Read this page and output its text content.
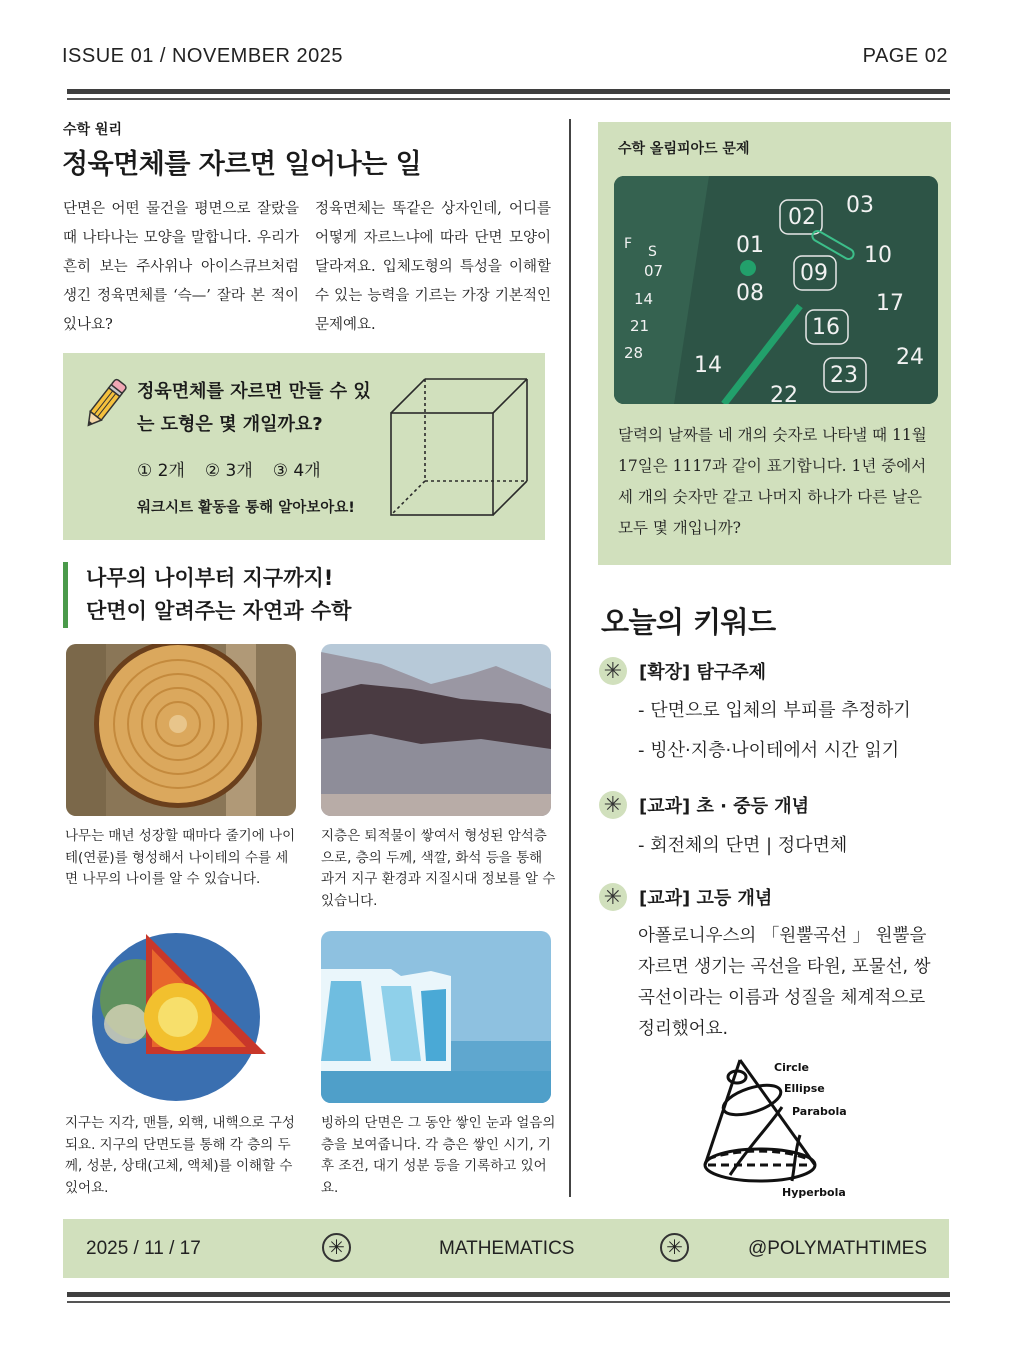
ISSUE 01 / NOVEMBER 2025	PAGE 02
수학 원리
정육면체를 자르면 일어나는 일

단면은 어떤 물건을 평면으로 잘랐을 때 나타나는 모양을 말합니다. 우리가 흔히 보는 주사위나 아이스큐브처럼 생긴 정육면체를 ‘슥—’ 잘라 본 적이 있나요?

정육면체는 똑같은 상자인데, 어디를 어떻게 자르느냐에 따라 단면 모양이 달라져요. 입체도형의 특성을 이해할 수 있는 능력을 기르는 가장 기본적인 문제예요.

정육면체를 자르면 만들 수 있는 도형은 몇 개일까요?
① 2개 ② 3개 ③ 4개
워크시트 활동을 통해 알아보아요!
나무의 나이부터 지구까지!
단면이 알려주는 자연과 수학

나무는 매년 성장할 때마다 줄기에 나이테(연륜)를 형성해서 나이테의 수를 세면 나무의 나이를 알 수 있습니다.

지층은 퇴적물이 쌓여서 형성된 암석층으로, 층의 두께, 색깔, 화석 등을 통해 과거 지구 환경과 지질시대 정보를 알 수 있습니다.

지구는 지각, 맨틀, 외핵, 내핵으로 구성되요. 지구의 단면도를 통해 각 층의 두께, 성분, 상태(고체, 액체)를 이해할 수 있어요.

빙하의 단면은 그 동안 쌓인 눈과 얼음의 층을 보여줍니다. 각 층은 쌓인 시기, 기후 조건, 대기 성분 등을 기록하고 있어요.

수학 올림피아드 문제
01
02 03
08
09
10
14
16
17
22
23
24
07
14
21
28
F S

달력의 날짜를 네 개의 숫자로 나타낼 때 11월 17일은 1117과 같이 표기합니다. 1년 중에서 세 개의 숫자만 같고 나머지 하나가 다른 날은 모두 몇 개입니까?

오늘의 키워드
✳ [확장] 탐구주제
- 단면으로 입체의 부피를 추정하기
- 빙산·지층·나이테에서 시간 읽기
✳ [교과] 초 · 중등 개념
- 회전체의 단면 | 정다면체
✳ [교과] 고등 개념

아폴로니우스의 「원뿔곡선 」 원뿔을 자르면 생기는 곡선을 타원, 포물선, 쌍곡선이라는 이름과 성질을 체계적으로 정리했어요.

Circle
Ellipse
Parabola
Hyperbola
2025 / 11 / 17	✳	MATHEMATICS	✳	@POLYMATHTIMES
